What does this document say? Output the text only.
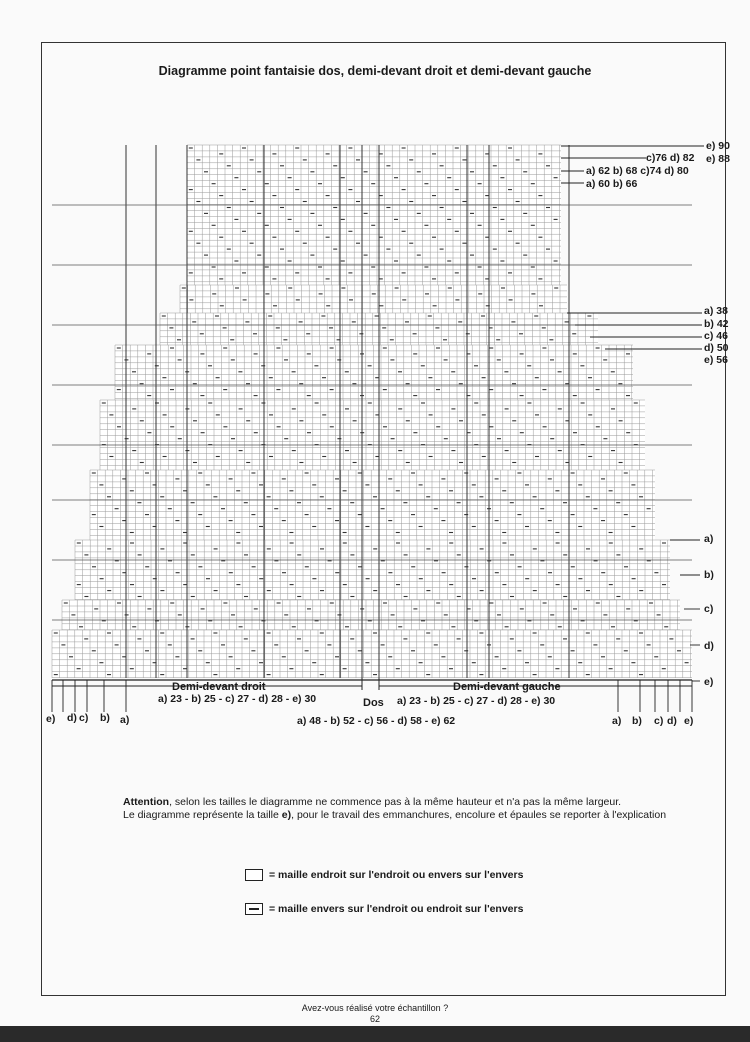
Diagramme point fantaisie dos, demi-devant droit et demi-devant gauche
e) 90
e) 88
c)76 d) 82
a) 62 b) 68 c)74 d) 80
a) 60 b) 66
a) 38
b) 42
c) 46
d) 50
e) 56
a)
b)
c)
d)
e)
Demi-devant droit
a) 23 - b) 25 - c) 27 - d) 28 - e) 30	Dos
a) 48 - b) 52 - c) 56 - d) 58 - e) 62
Demi-devant gauche
a) 23 - b) 25 - c) 27 - d) 28 - e) 30
e) d) c) b) a)	a) b) c) d) e)
Attention, selon les tailles le diagramme ne commence pas à la même hauteur et n'a pas la même largeur.
Le diagramme représente la taille e), pour le travail des emmanchures, encolure et épaules se reporter à l'explication
= maille endroit sur l'endroit ou envers sur l'envers
= maille envers sur l'endroit ou endroit sur l'envers
Avez-vous réalisé votre échantillon ?
62
